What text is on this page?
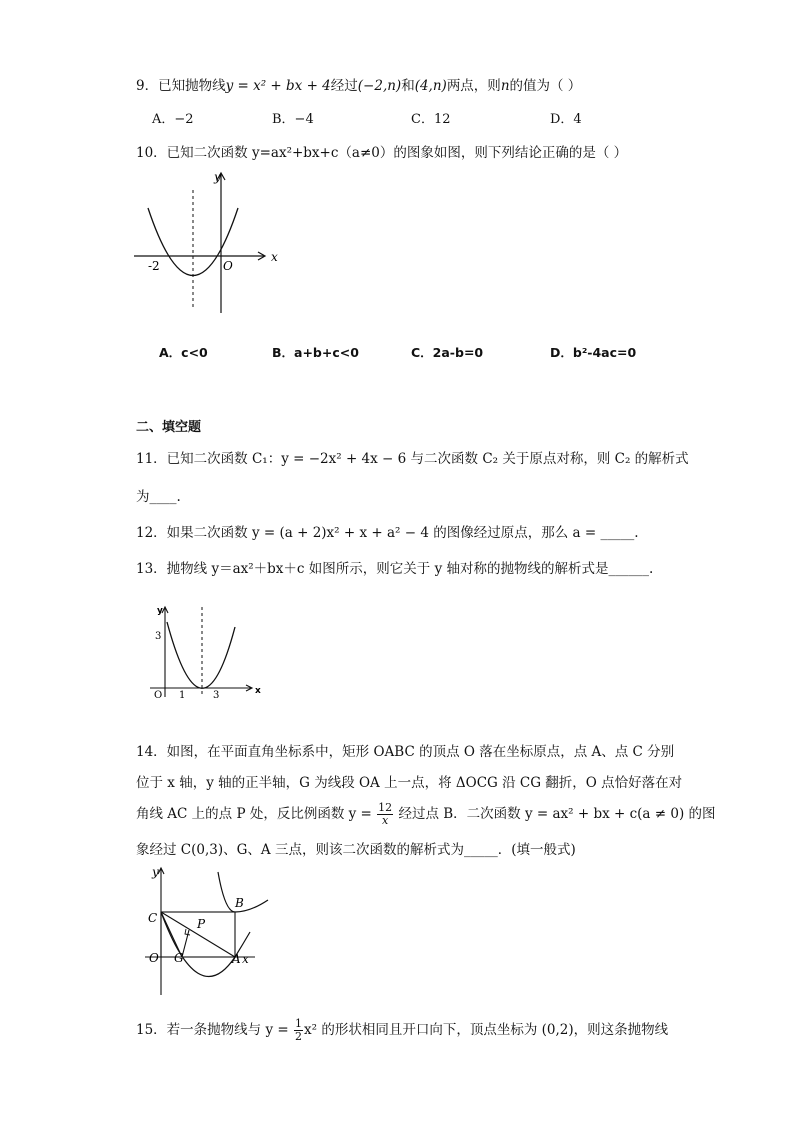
9．已知抛物线y = x² + bx + 4经过(−2,n)和(4,n)两点，则n的值为（ ）
A．−2	B．−4	C．12	D．4
10．已知二次函数 y=ax²+bx+c（a≠0）的图象如图，则下列结论正确的是（ ）
y
x
O
-2
A．c<0	B．a+b+c<0	C．2a-b=0	D．b²-4ac=0
二、填空题
11．已知二次函数 C₁：y = −2x² + 4x − 6 与二次函数 C₂ 关于原点对称，则 C₂ 的解析式
为____.
12．如果二次函数 y = (a + 2)x² + x + a² − 4 的图像经过原点，那么 a = _____.
13．抛物线 y＝ax²＋bx＋c 如图所示，则它关于 y 轴对称的抛物线的解析式是______.
y
x
O
3
1	3
14．如图，在平面直角坐标系中，矩形 OABC 的顶点 O 落在坐标原点，点 A、点 C 分别
位于 x 轴，y 轴的正半轴，G 为线段 OA 上一点，将 ΔOCG 沿 CG 翻折，O 点恰好落在对
角线 AC 上的点 P 处，反比例函数 $y = \frac{12}{x}$ 经过点 B．二次函数 y = ax² + bx + c(a ≠ 0) 的图
象经过 C(0,3)、G、A 三点，则该二次函数的解析式为_____．(填一般式)
y
x
O
C
B
P
G	A
15．若一条抛物线与 $y = \frac{1}{2} x^2$ 的形状相同且开口向下，顶点坐标为 (0,2)，则这条抛物线
